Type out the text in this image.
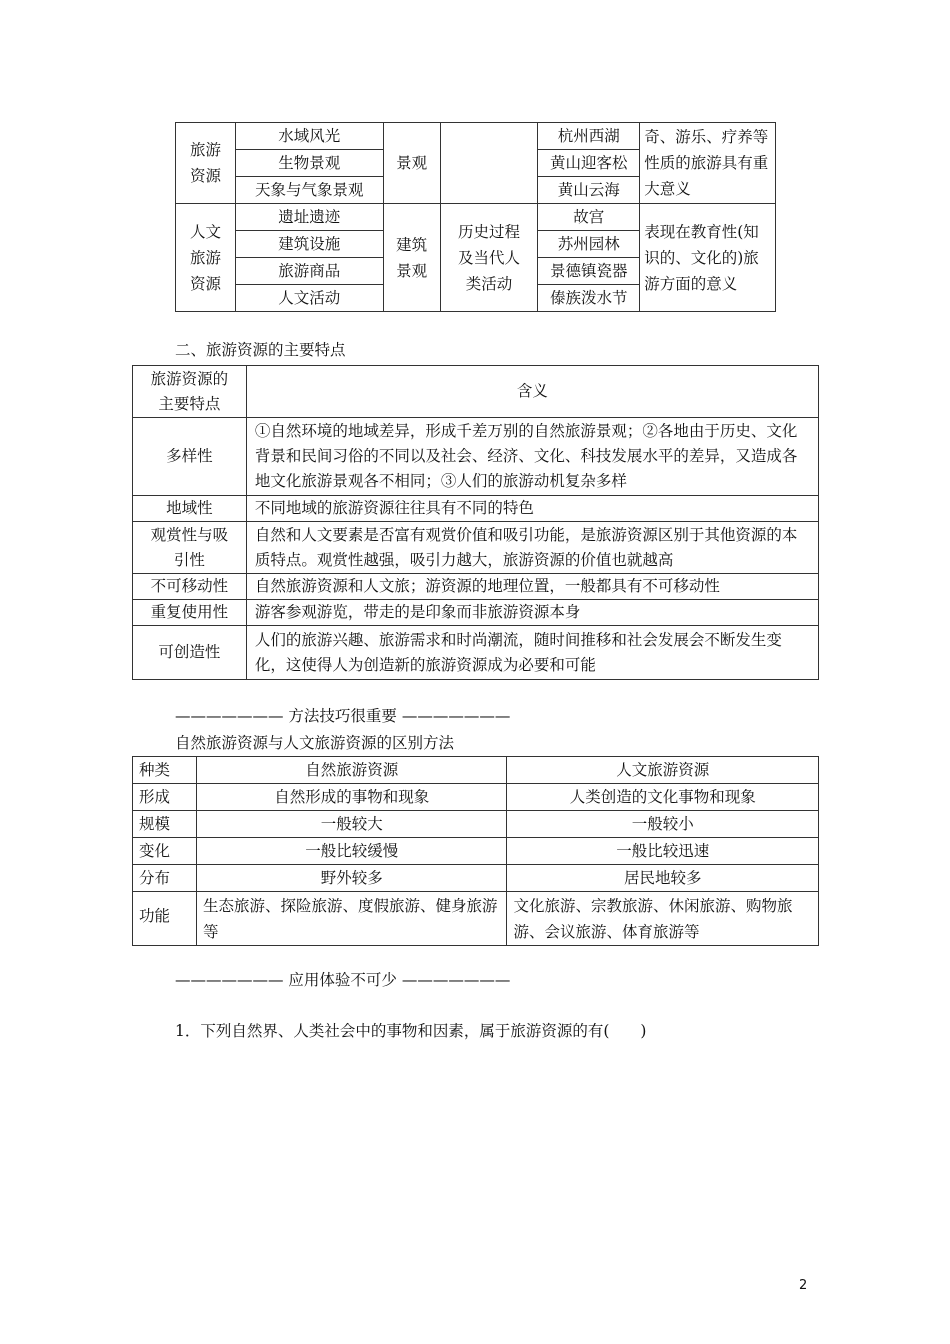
旅游资源	水域风光	景观		杭州西湖	奇、游乐、疗养等性质的旅游具有重大意义
	生物景观			黄山迎客松	
	天象与气象景观			黄山云海	
人文旅游资源	遗址遗迹	建筑景观	历史过程及当代人类活动	故宫	表现在教育性(知识的、文化的)旅游方面的意义
	建筑设施			苏州园林	
	旅游商品			景德镇瓷器	
	人文活动			傣族泼水节	
二、旅游资源的主要特点
旅游资源的主要特点	含义
多样性	①自然环境的地域差异，形成千差万别的自然旅游景观；②各地由于历史、文化背景和民间习俗的不同以及社会、经济、文化、科技发展水平的差异，又造成各地文化旅游景观各不相同；③人们的旅游动机复杂多样
地域性	不同地域的旅游资源往往具有不同的特色
观赏性与吸引性	自然和人文要素是否富有观赏价值和吸引功能，是旅游资源区别于其他资源的本质特点。观赏性越强，吸引力越大，旅游资源的价值也就越高
不可移动性	自然旅游资源和人文旅；游资源的地理位置，一般都具有不可移动性
重复使用性	游客参观游览，带走的是印象而非旅游资源本身
可创造性	人们的旅游兴趣、旅游需求和时尚潮流，随时间推移和社会发展会不断发生变化，这使得人为创造新的旅游资源成为必要和可能
——————— 方法技巧很重要 ———————
自然旅游资源与人文旅游资源的区别方法
种类	自然旅游资源	人文旅游资源
形成	自然形成的事物和现象	人类创造的文化事物和现象
规模	一般较大	一般较小
变化	一般比较缓慢	一般比较迅速
分布	野外较多	居民地较多
功能	生态旅游、探险旅游、度假旅游、健身旅游等	文化旅游、宗教旅游、休闲旅游、购物旅游、会议旅游、体育旅游等
——————— 应用体验不可少 ———————
1．下列自然界、人类社会中的事物和因素，属于旅游资源的有(　　)
2
